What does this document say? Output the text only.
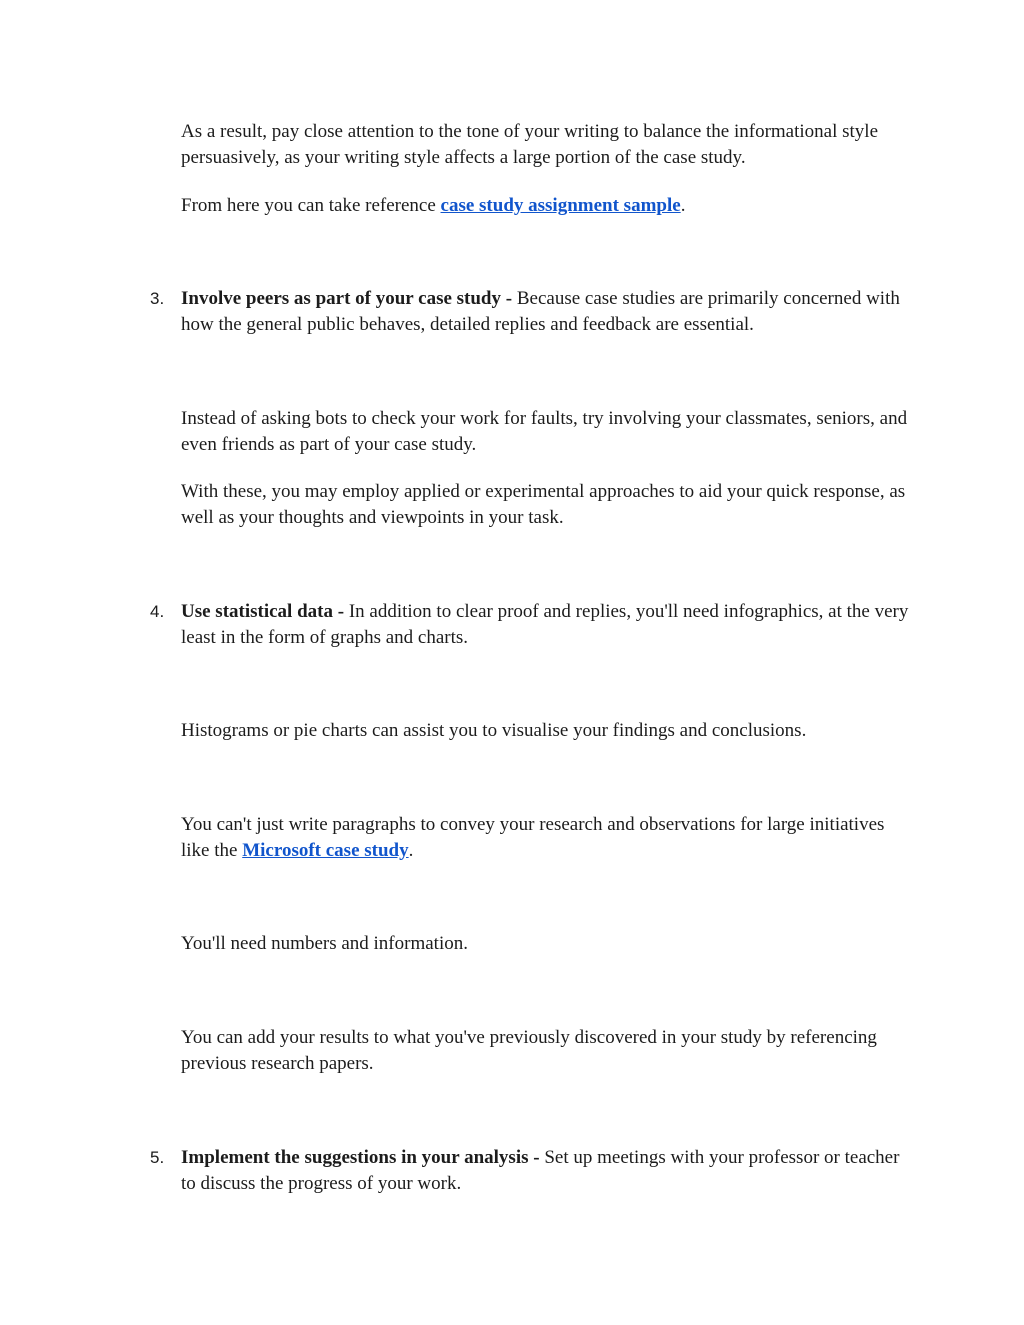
As a result, pay close attention to the tone of your writing to balance the informational style persuasively, as your writing style affects a large portion of the case study.

From here you can take reference case study assignment sample.

3. Involve peers as part of your case study - Because case studies are primarily concerned with how the general public behaves, detailed replies and feedback are essential.

Instead of asking bots to check your work for faults, try involving your classmates, seniors, and even friends as part of your case study.

With these, you may employ applied or experimental approaches to aid your quick response, as well as your thoughts and viewpoints in your task.

4. Use statistical data - In addition to clear proof and replies, you'll need infographics, at the very least in the form of graphs and charts.

Histograms or pie charts can assist you to visualise your findings and conclusions.

You can't just write paragraphs to convey your research and observations for large initiatives like the Microsoft case study.

You'll need numbers and information.

You can add your results to what you've previously discovered in your study by referencing previous research papers.

5. Implement the suggestions in your analysis - Set up meetings with your professor or teacher to discuss the progress of your work.
